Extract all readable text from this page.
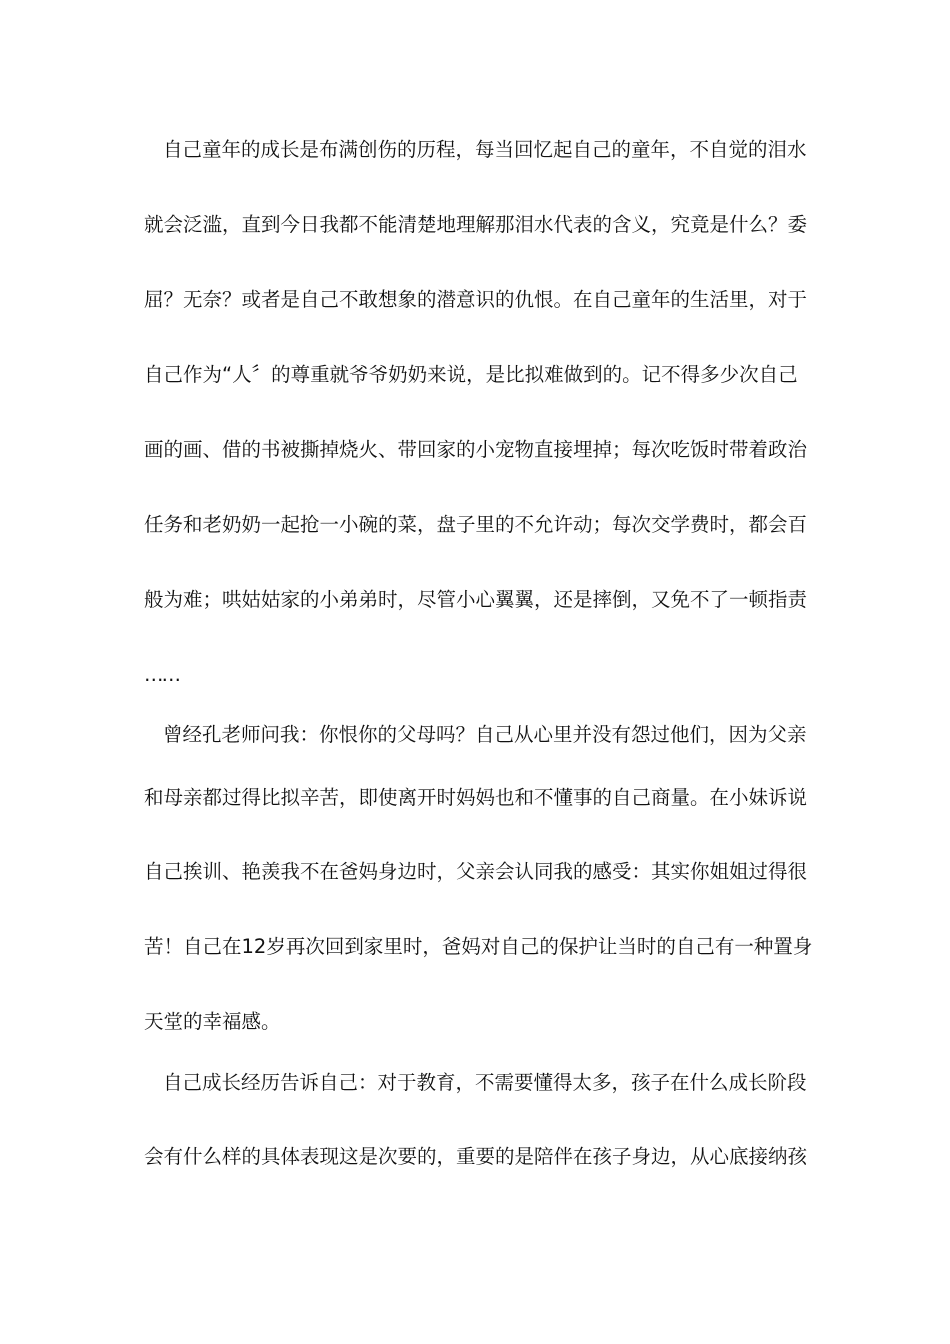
自己童年的成长是布满创伤的历程，每当回忆起自己的童年，不自觉的泪水
就会泛滥，直到今日我都不能清楚地理解那泪水代表的含义，究竟是什么？委
屈？无奈？或者是自己不敢想象的潜意识的仇恨。在自己童年的生活里，对于
自己作为“人〞的尊重就爷爷奶奶来说，是比拟难做到的。记不得多少次自己
画的画、借的书被撕掉烧火、带回家的小宠物直接埋掉；每次吃饭时带着政治
任务和老奶奶一起抢一小碗的菜，盘子里的不允许动；每次交学费时，都会百
般为难；哄姑姑家的小弟弟时，尽管小心翼翼，还是摔倒，又免不了一顿指责
……
曾经孔老师问我：你恨你的父母吗？自己从心里并没有怨过他们，因为父亲
和母亲都过得比拟辛苦，即使离开时妈妈也和不懂事的自己商量。在小妹诉说
自己挨训、艳羡我不在爸妈身边时，父亲会认同我的感受：其实你姐姐过得很
苦！自己在12岁再次回到家里时，爸妈对自己的保护让当时的自己有一种置身
天堂的幸福感。
自己成长经历告诉自己：对于教育，不需要懂得太多，孩子在什么成长阶段
会有什么样的具体表现这是次要的，重要的是陪伴在孩子身边，从心底接纳孩
